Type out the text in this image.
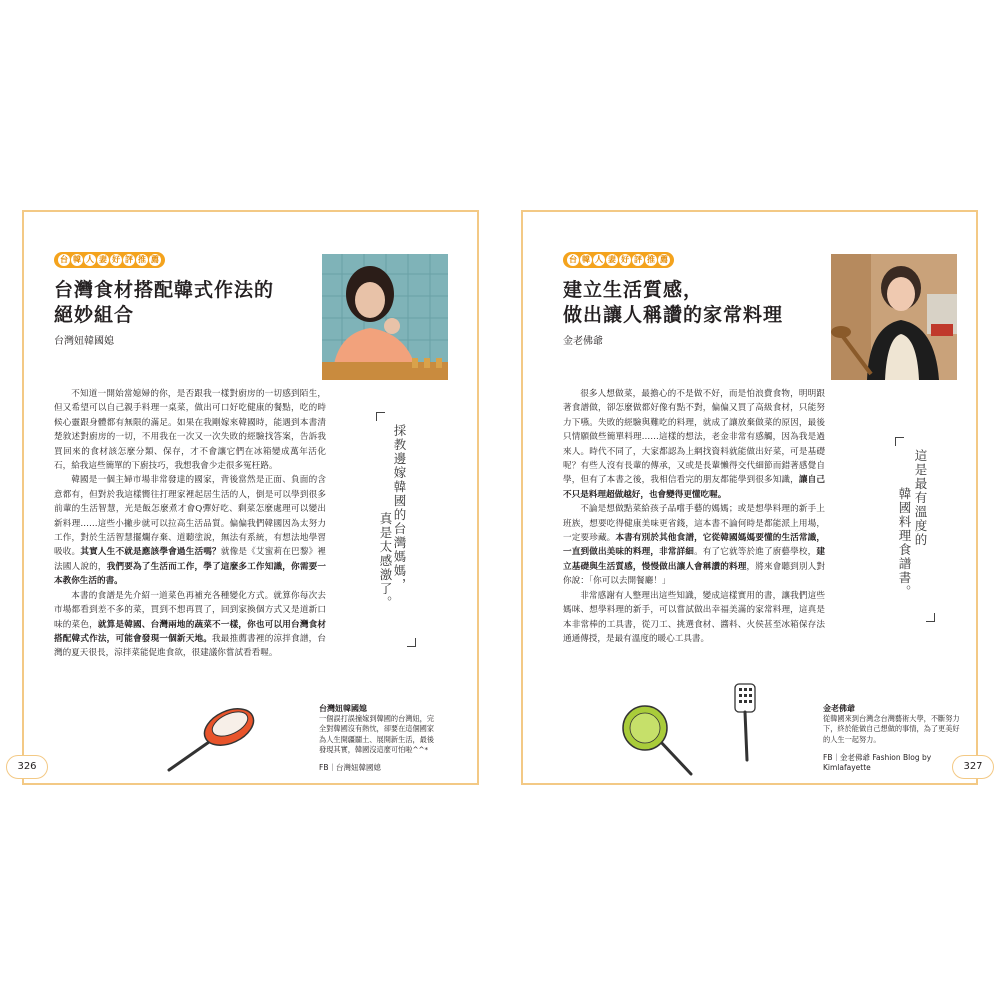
台 韓 人 妻 好 評 推 薦
台灣食材搭配韓式作法的
絕妙組合
台灣妞韓國媳

不知道一開始當媳婦的你，是否跟我一樣對廚房的一切感到陌生，但又希望可以自己親手料理一桌菜，做出可口好吃健康的餐點，吃的時候心靈跟身體都有無限的滿足。如果在我剛嫁來韓國時，能遇到本書清楚敘述對廚房的一切，不用我在一次又一次失敗的經驗找答案，告訴我買回來的食材該怎麼分類、保存，才不會讓它們在冰箱變成萬年活化石，給我這些簡單的下廚技巧，我想我會少走很多冤枉路。

韓國是一個主婦市場非常發達的國家，背後當然是正面、負面的含意都有，但對於我這樣嚮往打理家裡起居生活的人，倒是可以學到很多前輩的生活智慧，光是飯怎麼煮才會Q彈好吃、剩菜怎麼處理可以變出新料理……這些小撇步就可以拉高生活品質。偏偏我們韓國因為太努力工作，對於生活智慧擺爛存棄、道聽塗說，無法有系統，有想法地學習吸收。其實人生不就是應該學會過生活嗎？就像是《艾蜜莉在巴黎》裡法國人說的，我們要為了生活而工作，學了這麼多工作知識，你需要一本教你生活的書。

本書的食譜是先介紹一道菜色再補充各種變化方式。就算你每次去市場都看到差不多的菜，買到不想再買了，回到家換個方式又是道新口味的菜色，就算是韓國、台灣兩地的蔬菜不一樣，你也可以用台灣食材搭配韓式作法，可能會發現一個新天地。我最推薦書裡的涼拌食譜，台灣的夏天很長，涼拌菜能促進食欲，很建議你嘗試看看喔。

採教邊嫁韓國的台灣媽媽，
真是太感激了。
台灣妞韓國媳
一個誤打誤撞嫁到韓國的台灣妞，完全對韓國沒有熱忱，卻要在這個國家為人生開疆闢土、展開新生活，最後發現其實，韓國沒這麼可怕啦^^*
FB｜台灣妞韓國媳
326
台 韓 人 妻 好 評 推 薦
建立生活質感，
做出讓人稱讚的家常料理
金老佛爺

很多人想做菜，最擔心的不是做不好，而是怕浪費食物，明明跟著食譜做，卻怎麼做都好像有點不對，偏偏又買了高級食材，只能努力下嚥。失敗的經驗與難吃的料理，就成了讓放棄做菜的原因，最後只情願做些簡單料理……這樣的想法，老金非常有感觸，因為我是過來人。時代不同了，大家都認為上網找資料就能做出好菜，可是基礎呢？有些人沒有長輩的傳承，又或是長輩懶得交代細節而錯著感覺自學，但有了本書之後，我相信看完的朋友都能學到很多知識，讓自己不只是料理超做越好，也會變得更懂吃喔。

不論是想做點菜給孩子品嚐手藝的媽媽；或是想學料理的新手上班族，想要吃得健康美味更省錢，這本書不論何時是都能派上用場，一定要珍藏。本書有別於其他食譜，它從韓國媽媽要懂的生活常識，一直到做出美味的料理，非常詳細。有了它就等於進了廚藝學校，建立基礎與生活質感，慢慢做出讓人會稱讚的料理，將來會聽到別人對你說：「你可以去開餐廳！」

非常感謝有人整理出這些知識，變成這樣實用的書，讓我們這些媽咪、想學料理的新手，可以嘗試做出幸福美滿的家常料理，這真是本非常棒的工具書，從刀工、挑選食材、醬料、火侯甚至冰箱保存法通通傳授，是最有溫度的暖心工具書。

這是最有溫度的
韓國料理食譜書。
金老佛爺
從韓國來到台灣念台灣藝術大學，不斷努力下，終於能做自己想做的事情，為了更美好的人生一起努力。
FB｜金老佛爺 Fashion Blog by Kimlafayette	327
